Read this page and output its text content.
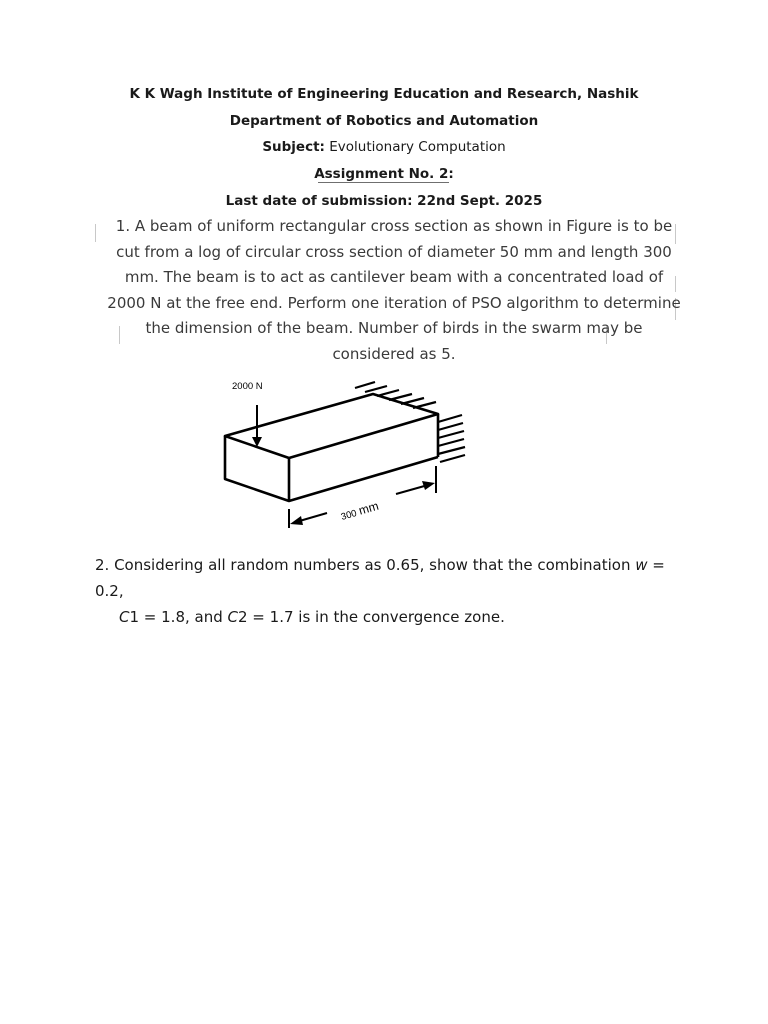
K K Wagh Institute of Engineering Education and Research, Nashik
Department of Robotics and Automation
Subject: Evolutionary Computation
Assignment No. 2:
Last date of submission: 22nd Sept. 2025
1. A beam of uniform rectangular cross section as shown in Figure is to be cut from a log of circular cross section of diameter 50 mm and length 300 mm. The beam is to act as cantilever beam with a concentrated load of 2000 N at the free end. Perform one iteration of PSO algorithm to determine the dimension of the beam. Number of birds in the swarm may be considered as 5.
2000 N
300mm
2. Considering all random numbers as 0.65, show that the combination w = 0.2,
C1 = 1.8, and C2 = 1.7 is in the convergence zone.
